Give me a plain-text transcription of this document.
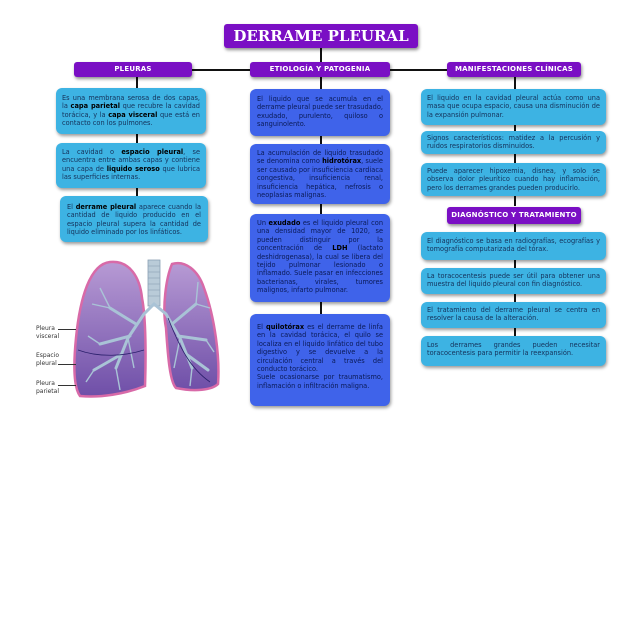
DERRAME PLEURAL
PLEURAS	ETIOLOGÍA Y PATOGENIA	MANIFESTACIONES CLÍNICAS
DIAGNÓSTICO Y TRATAMIENTO
Es una membrana serosa de dos capas, la capa parietal que recubre la cavidad torácica, y la capa visceral que está en contacto con los pulmones.
La cavidad o espacio pleural, se encuentra entre ambas capas y contiene una capa de liquido seroso que lubrica las superficies internas.
El derrame pleural aparece cuando la cantidad de liquido producido en el espacio pleural supera la cantidad de liquido eliminado por los linfáticos.
Pleura visceral
Espacio pleural
Pleura parietal
El liquido que se acumula en el derrame pleural puede ser trasudado, exudado, purulento, quiloso o sanguinolento.
La acumulación de liquido trasudado se denomina como hidrotórax, suele ser causado por insuficiencia cardiaca congestiva, insuficiencia renal, insuficiencia hepática, nefrosis o neoplasias malignas.
Un exudado es el liquido pleural con una densidad mayor de 1020, se pueden distinguir por la concentración de LDH (lactato deshidrogenasa), la cual se libera del tejido pulmonar lesionado o inflamado. Suele pasar en infecciones bacterianas, virales, tumores malignos, infarto pulmonar.
El quilotórax es el derrame de linfa en la cavidad torácica, el quilo se localiza en el liquido linfático del tubo digestivo y se devuelve a la circulación central a través del conducto torácico.
Suele ocasionarse por traumatismo, inflamación o infiltración maligna.
El liquido en la cavidad pleural actúa como una masa que ocupa espacio, causa una disminución de la expansión pulmonar.
Signos característicos: matidez a la percusión y ruidos respiratorios disminuidos.
Puede aparecer hipoxemia, disnea, y solo se observa dolor pleurítico cuando hay inflamación, pero los derrames grandes pueden producirlo.
El diagnóstico se basa en radiografías, ecografías y tomografía computarizada del tórax.
La toracocentesis puede ser útil para obtener una muestra del liquido pleural con fin diagnóstico.
El tratamiento del derrame pleural se centra en resolver la causa de la alteración.
Los derrames grandes pueden necesitar toracocentesis para permitir la reexpansión.
